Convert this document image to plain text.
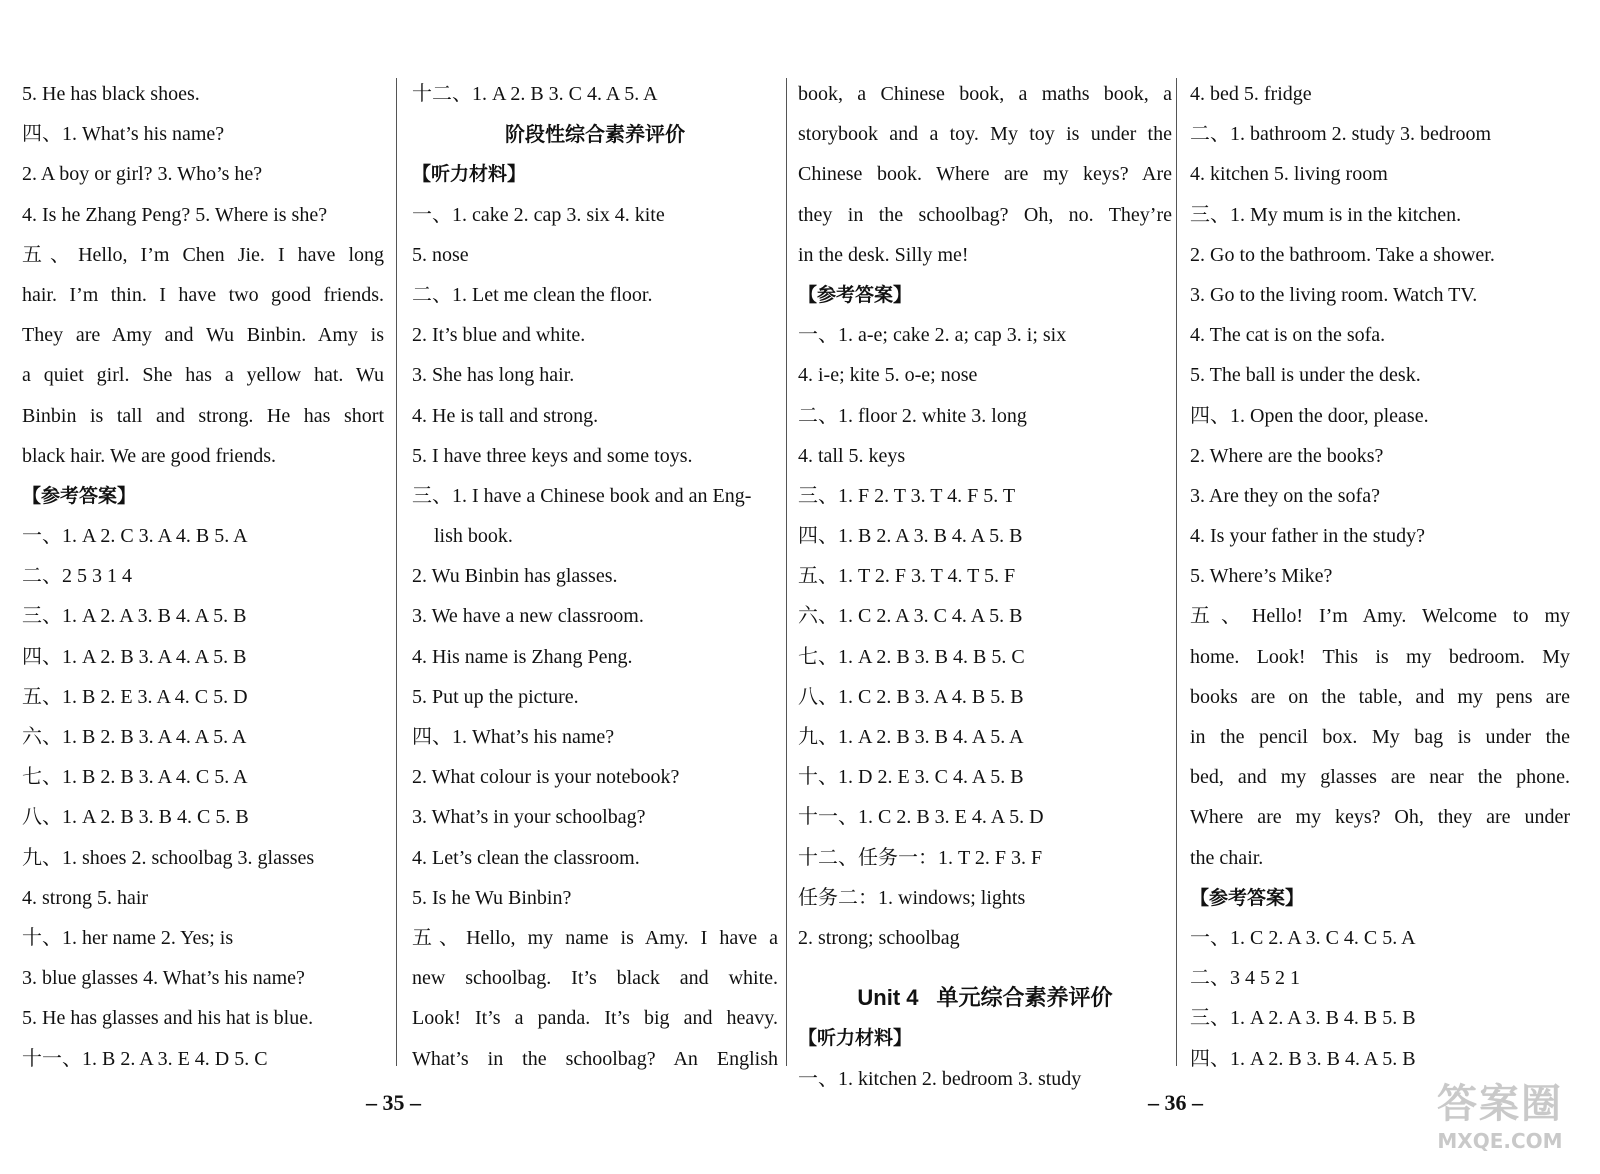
5. He has black shoes.
四、1. What’s his name?
2. A boy or girl? 3. Who’s he?
4. Is he Zhang Peng? 5. Where is she?
五、Hello, I’m Chen Jie. I have long
hair. I’m thin. I have two good friends.
They are Amy and Wu Binbin. Amy is
a quiet girl. She has a yellow hat. Wu
Binbin is tall and strong. He has short
black hair. We are good friends.
【参考答案】
一、1. A 2. C 3. A 4. B 5. A
二、2 5 3 1 4
三、1. A 2. A 3. B 4. A 5. B
四、1. A 2. B 3. A 4. A 5. B
五、1. B 2. E 3. A 4. C 5. D
六、1. B 2. B 3. A 4. A 5. A
七、1. B 2. B 3. A 4. C 5. A
八、1. A 2. B 3. B 4. C 5. B
九、1. shoes 2. schoolbag 3. glasses
4. strong 5. hair
十、1. her name 2. Yes; is
3. blue glasses 4. What’s his name?
5. He has glasses and his hat is blue.
十一、1. B 2. A 3. E 4. D 5. C
十二、1. A 2. B 3. C 4. A 5. A
阶段性综合素养评价
【听力材料】
一、1. cake 2. cap 3. six 4. kite
5. nose
二、1. Let me clean the floor.
2. It’s blue and white.
3. She has long hair.
4. He is tall and strong.
5. I have three keys and some toys.
三、1. I have a Chinese book and an Eng-
lish book.
2. Wu Binbin has glasses.
3. We have a new classroom.
4. His name is Zhang Peng.
5. Put up the picture.
四、1. What’s his name?
2. What colour is your notebook?
3. What’s in your schoolbag?
4. Let’s clean the classroom.
5. Is he Wu Binbin?
五、Hello, my name is Amy. I have a
new schoolbag. It’s black and white.
Look! It’s a panda. It’s big and heavy.
What’s in the schoolbag? An English
book, a Chinese book, a maths book, a
storybook and a toy. My toy is under the
Chinese book. Where are my keys? Are
they in the schoolbag? Oh, no. They’re
in the desk. Silly me!
【参考答案】
一、1. a-e; cake 2. a; cap 3. i; six
4. i-e; kite 5. o-e; nose
二、1. floor 2. white 3. long
4. tall 5. keys
三、1. F 2. T 3. T 4. F 5. T
四、1. B 2. A 3. B 4. A 5. B
五、1. T 2. F 3. T 4. T 5. F
六、1. C 2. A 3. C 4. A 5. B
七、1. A 2. B 3. B 4. B 5. C
八、1. C 2. B 3. A 4. B 5. B
九、1. A 2. B 3. B 4. A 5. A
十、1. D 2. E 3. C 4. A 5. B
十一、1. C 2. B 3. E 4. A 5. D
十二、任务一：1. T 2. F 3. F
任务二：1. windows; lights
2. strong; schoolbag
Unit 4 单元综合素养评价
【听力材料】
一、1. kitchen 2. bedroom 3. study
4. bed 5. fridge
二、1. bathroom 2. study 3. bedroom
4. kitchen 5. living room
三、1. My mum is in the kitchen.
2. Go to the bathroom. Take a shower.
3. Go to the living room. Watch TV.
4. The cat is on the sofa.
5. The ball is under the desk.
四、1. Open the door, please.
2. Where are the books?
3. Are they on the sofa?
4. Is your father in the study?
5. Where’s Mike?
五、Hello! I’m Amy. Welcome to my
home. Look! This is my bedroom. My
books are on the table, and my pens are
in the pencil box. My bag is under the
bed, and my glasses are near the phone.
Where are my keys? Oh, they are under
the chair.
【参考答案】
一、1. C 2. A 3. C 4. C 5. A
二、3 4 5 2 1
三、1. A 2. A 3. B 4. B 5. B
四、1. A 2. B 3. B 4. A 5. B
– 35 –	– 36 –	答案圈
MXQE.COM
